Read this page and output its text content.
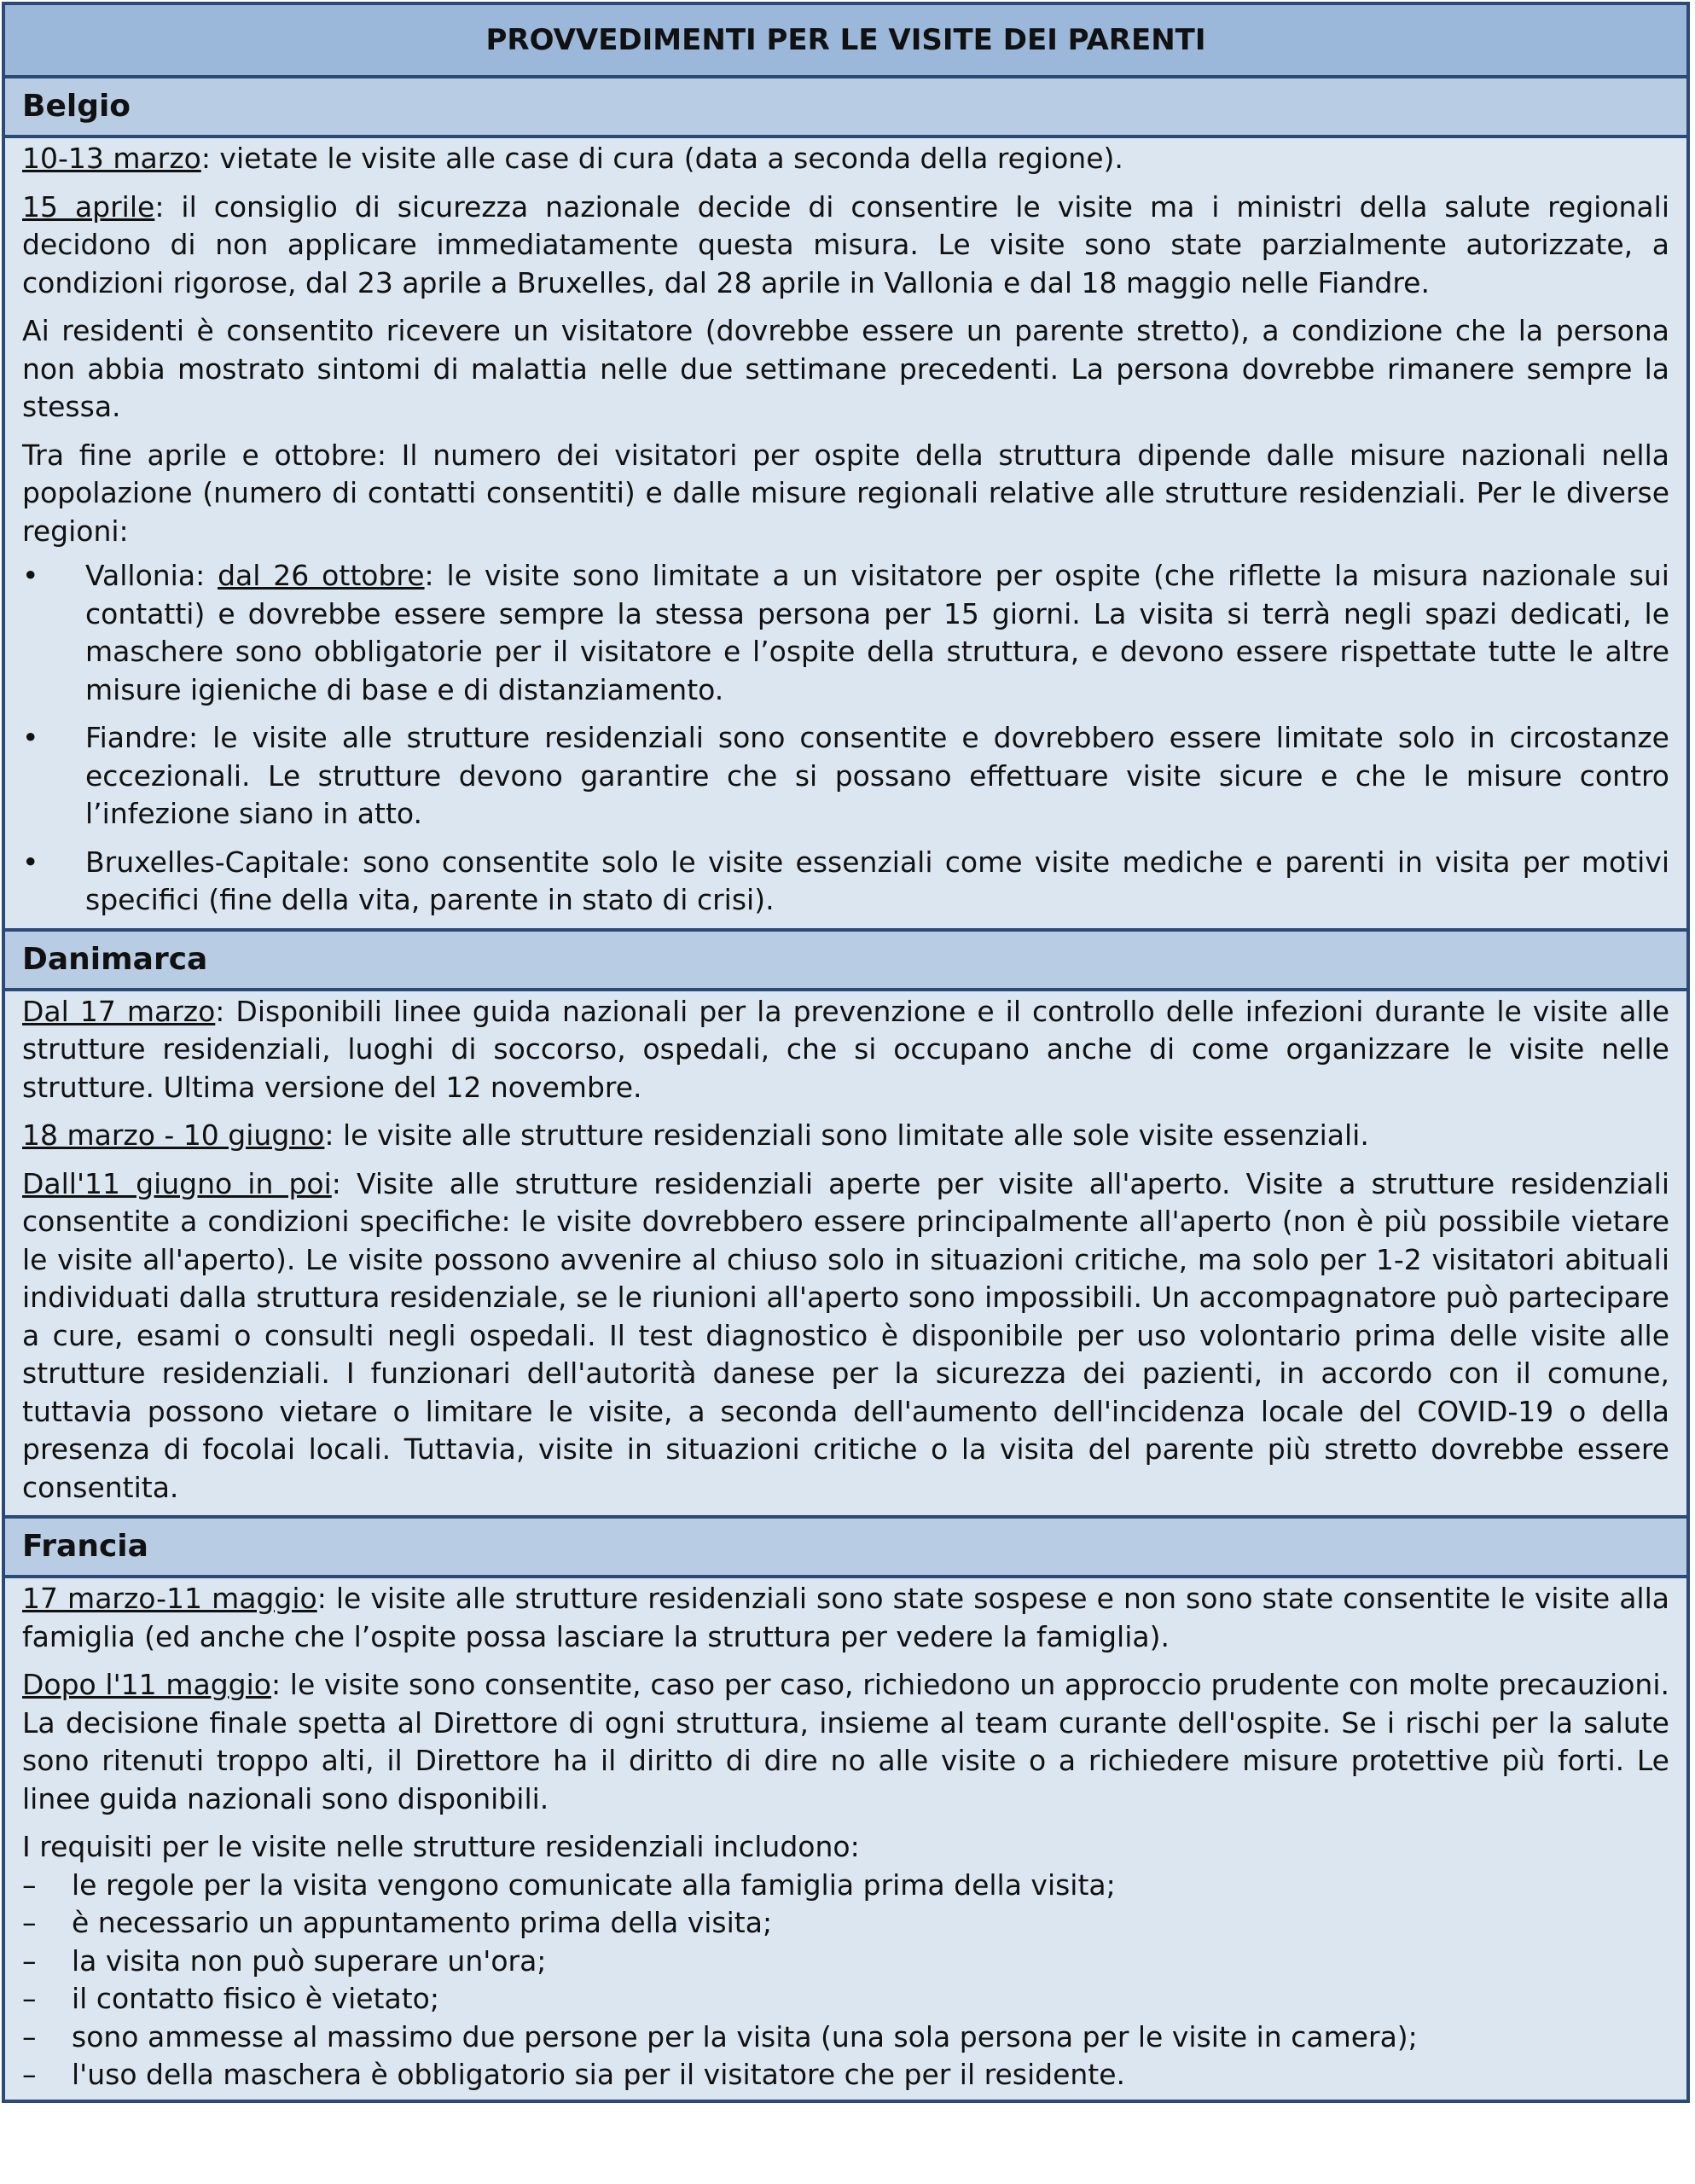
PROVVEDIMENTI PER LE VISITE DEI PARENTI
Belgio

10-13 marzo: vietate le visite alle case di cura (data a seconda della regione).

15 aprile: il consiglio di sicurezza nazionale decide di consentire le visite ma i ministri della salute regionali decidono di non applicare immediatamente questa misura. Le visite sono state parzialmente autorizzate, a condizioni rigorose, dal 23 aprile a Bruxelles, dal 28 aprile in Vallonia e dal 18 maggio nelle Fiandre.

Ai residenti è consentito ricevere un visitatore (dovrebbe essere un parente stretto), a condizione che la persona non abbia mostrato sintomi di malattia nelle due settimane precedenti. La persona dovrebbe rimanere sempre la stessa.

Tra fine aprile e ottobre: Il numero dei visitatori per ospite della struttura dipende dalle misure nazionali nella popolazione (numero di contatti consentiti) e dalle misure regionali relative alle strutture residenziali. Per le diverse regioni:

• Vallonia: dal 26 ottobre: le visite sono limitate a un visitatore per ospite (che riflette la misura nazionale sui contatti) e dovrebbe essere sempre la stessa persona per 15 giorni. La visita si terrà negli spazi dedicati, le maschere sono obbligatorie per il visitatore e l’ospite della struttura, e devono essere rispettate tutte le altre misure igieniche di base e di distanziamento.
• Fiandre: le visite alle strutture residenziali sono consentite e dovrebbero essere limitate solo in circostanze eccezionali. Le strutture devono garantire che si possano effettuare visite sicure e che le misure contro l’infezione siano in atto.
• Bruxelles-Capitale: sono consentite solo le visite essenziali come visite mediche e parenti in visita per motivi specifici (fine della vita, parente in stato di crisi).
Danimarca

Dal 17 marzo: Disponibili linee guida nazionali per la prevenzione e il controllo delle infezioni durante le visite alle strutture residenziali, luoghi di soccorso, ospedali, che si occupano anche di come organizzare le visite nelle strutture. Ultima versione del 12 novembre.

18 marzo - 10 giugno: le visite alle strutture residenziali sono limitate alle sole visite essenziali.

Dall'11 giugno in poi: Visite alle strutture residenziali aperte per visite all'aperto. Visite a strutture residenziali consentite a condizioni specifiche: le visite dovrebbero essere principalmente all'aperto (non è più possibile vietare le visite all'aperto). Le visite possono avvenire al chiuso solo in situazioni critiche, ma solo per 1-2 visitatori abituali individuati dalla struttura residenziale, se le riunioni all'aperto sono impossibili. Un accompagnatore può partecipare a cure, esami o consulti negli ospedali. Il test diagnostico è disponibile per uso volontario prima delle visite alle strutture residenziali. I funzionari dell'autorità danese per la sicurezza dei pazienti, in accordo con il comune, tuttavia possono vietare o limitare le visite, a seconda dell'aumento dell'incidenza locale del COVID-19 o della presenza di focolai locali. Tuttavia, visite in situazioni critiche o la visita del parente più stretto dovrebbe essere consentita.

Francia

17 marzo-11 maggio: le visite alle strutture residenziali sono state sospese e non sono state consentite le visite alla famiglia (ed anche che l’ospite possa lasciare la struttura per vedere la famiglia).

Dopo l'11 maggio: le visite sono consentite, caso per caso, richiedono un approccio prudente con molte precauzioni. La decisione finale spetta al Direttore di ogni struttura, insieme al team curante dell'ospite. Se i rischi per la salute sono ritenuti troppo alti, il Direttore ha il diritto di dire no alle visite o a richiedere misure protettive più forti. Le linee guida nazionali sono disponibili.

I requisiti per le visite nelle strutture residenziali includono:

– le regole per la visita vengono comunicate alla famiglia prima della visita;
– è necessario un appuntamento prima della visita;
– la visita non può superare un'ora;
– il contatto fisico è vietato;
– sono ammesse al massimo due persone per la visita (una sola persona per le visite in camera);
– l'uso della maschera è obbligatorio sia per il visitatore che per il residente.
